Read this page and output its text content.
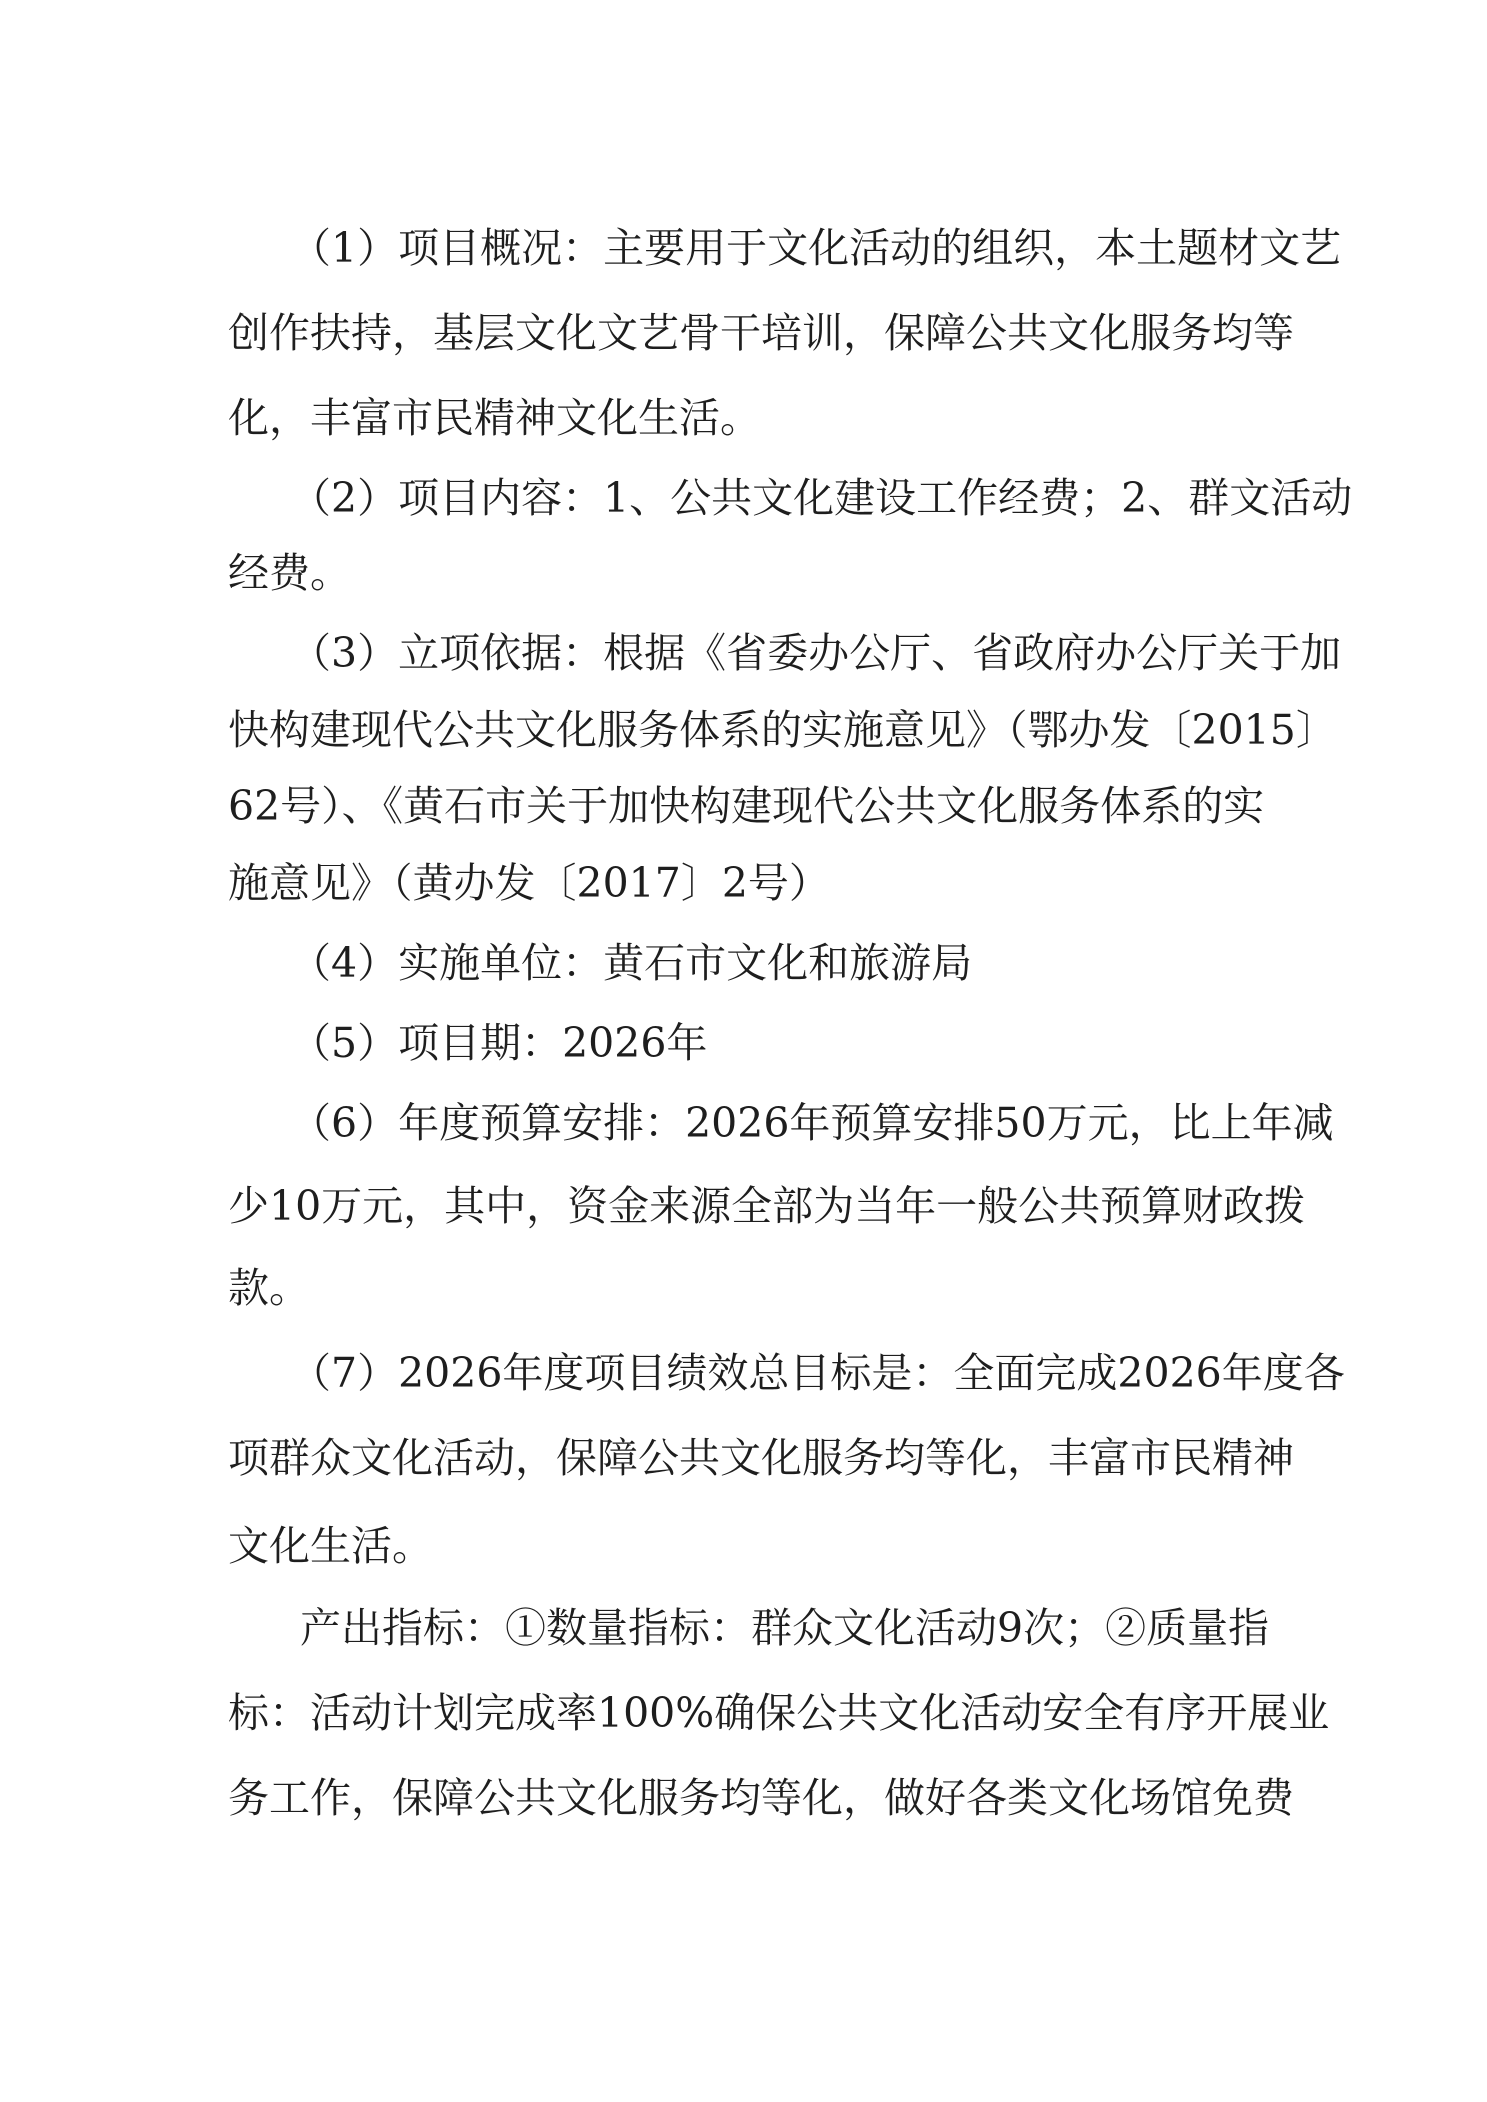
（1）项目概况：主要用于文化活动的组织，本土题材文艺
创作扶持，基层文化文艺骨干培训，保障公共文化服务均等
化，丰富市民精神文化生活。
（2）项目内容：1、公共文化建设工作经费；2、群文活动
经费。
（3）立项依据：根据《省委办公厅、省政府办公厅关于加
快构建现代公共文化服务体系的实施意见》（鄂办发〔2015〕
62号）、《黄石市关于加快构建现代公共文化服务体系的实
施意见》（黄办发〔2017〕2号）
（4）实施单位：黄石市文化和旅游局
（5）项目期：2026年
（6）年度预算安排：2026年预算安排50万元，比上年减
少10万元，其中，资金来源全部为当年一般公共预算财政拨
款。
（7）2026年度项目绩效总目标是：全面完成2026年度各
项群众文化活动，保障公共文化服务均等化，丰富市民精神
文化生活。
产出指标：①数量指标：群众文化活动9次；②质量指
标：活动计划完成率100%确保公共文化活动安全有序开展业
务工作，保障公共文化服务均等化，做好各类文化场馆免费
